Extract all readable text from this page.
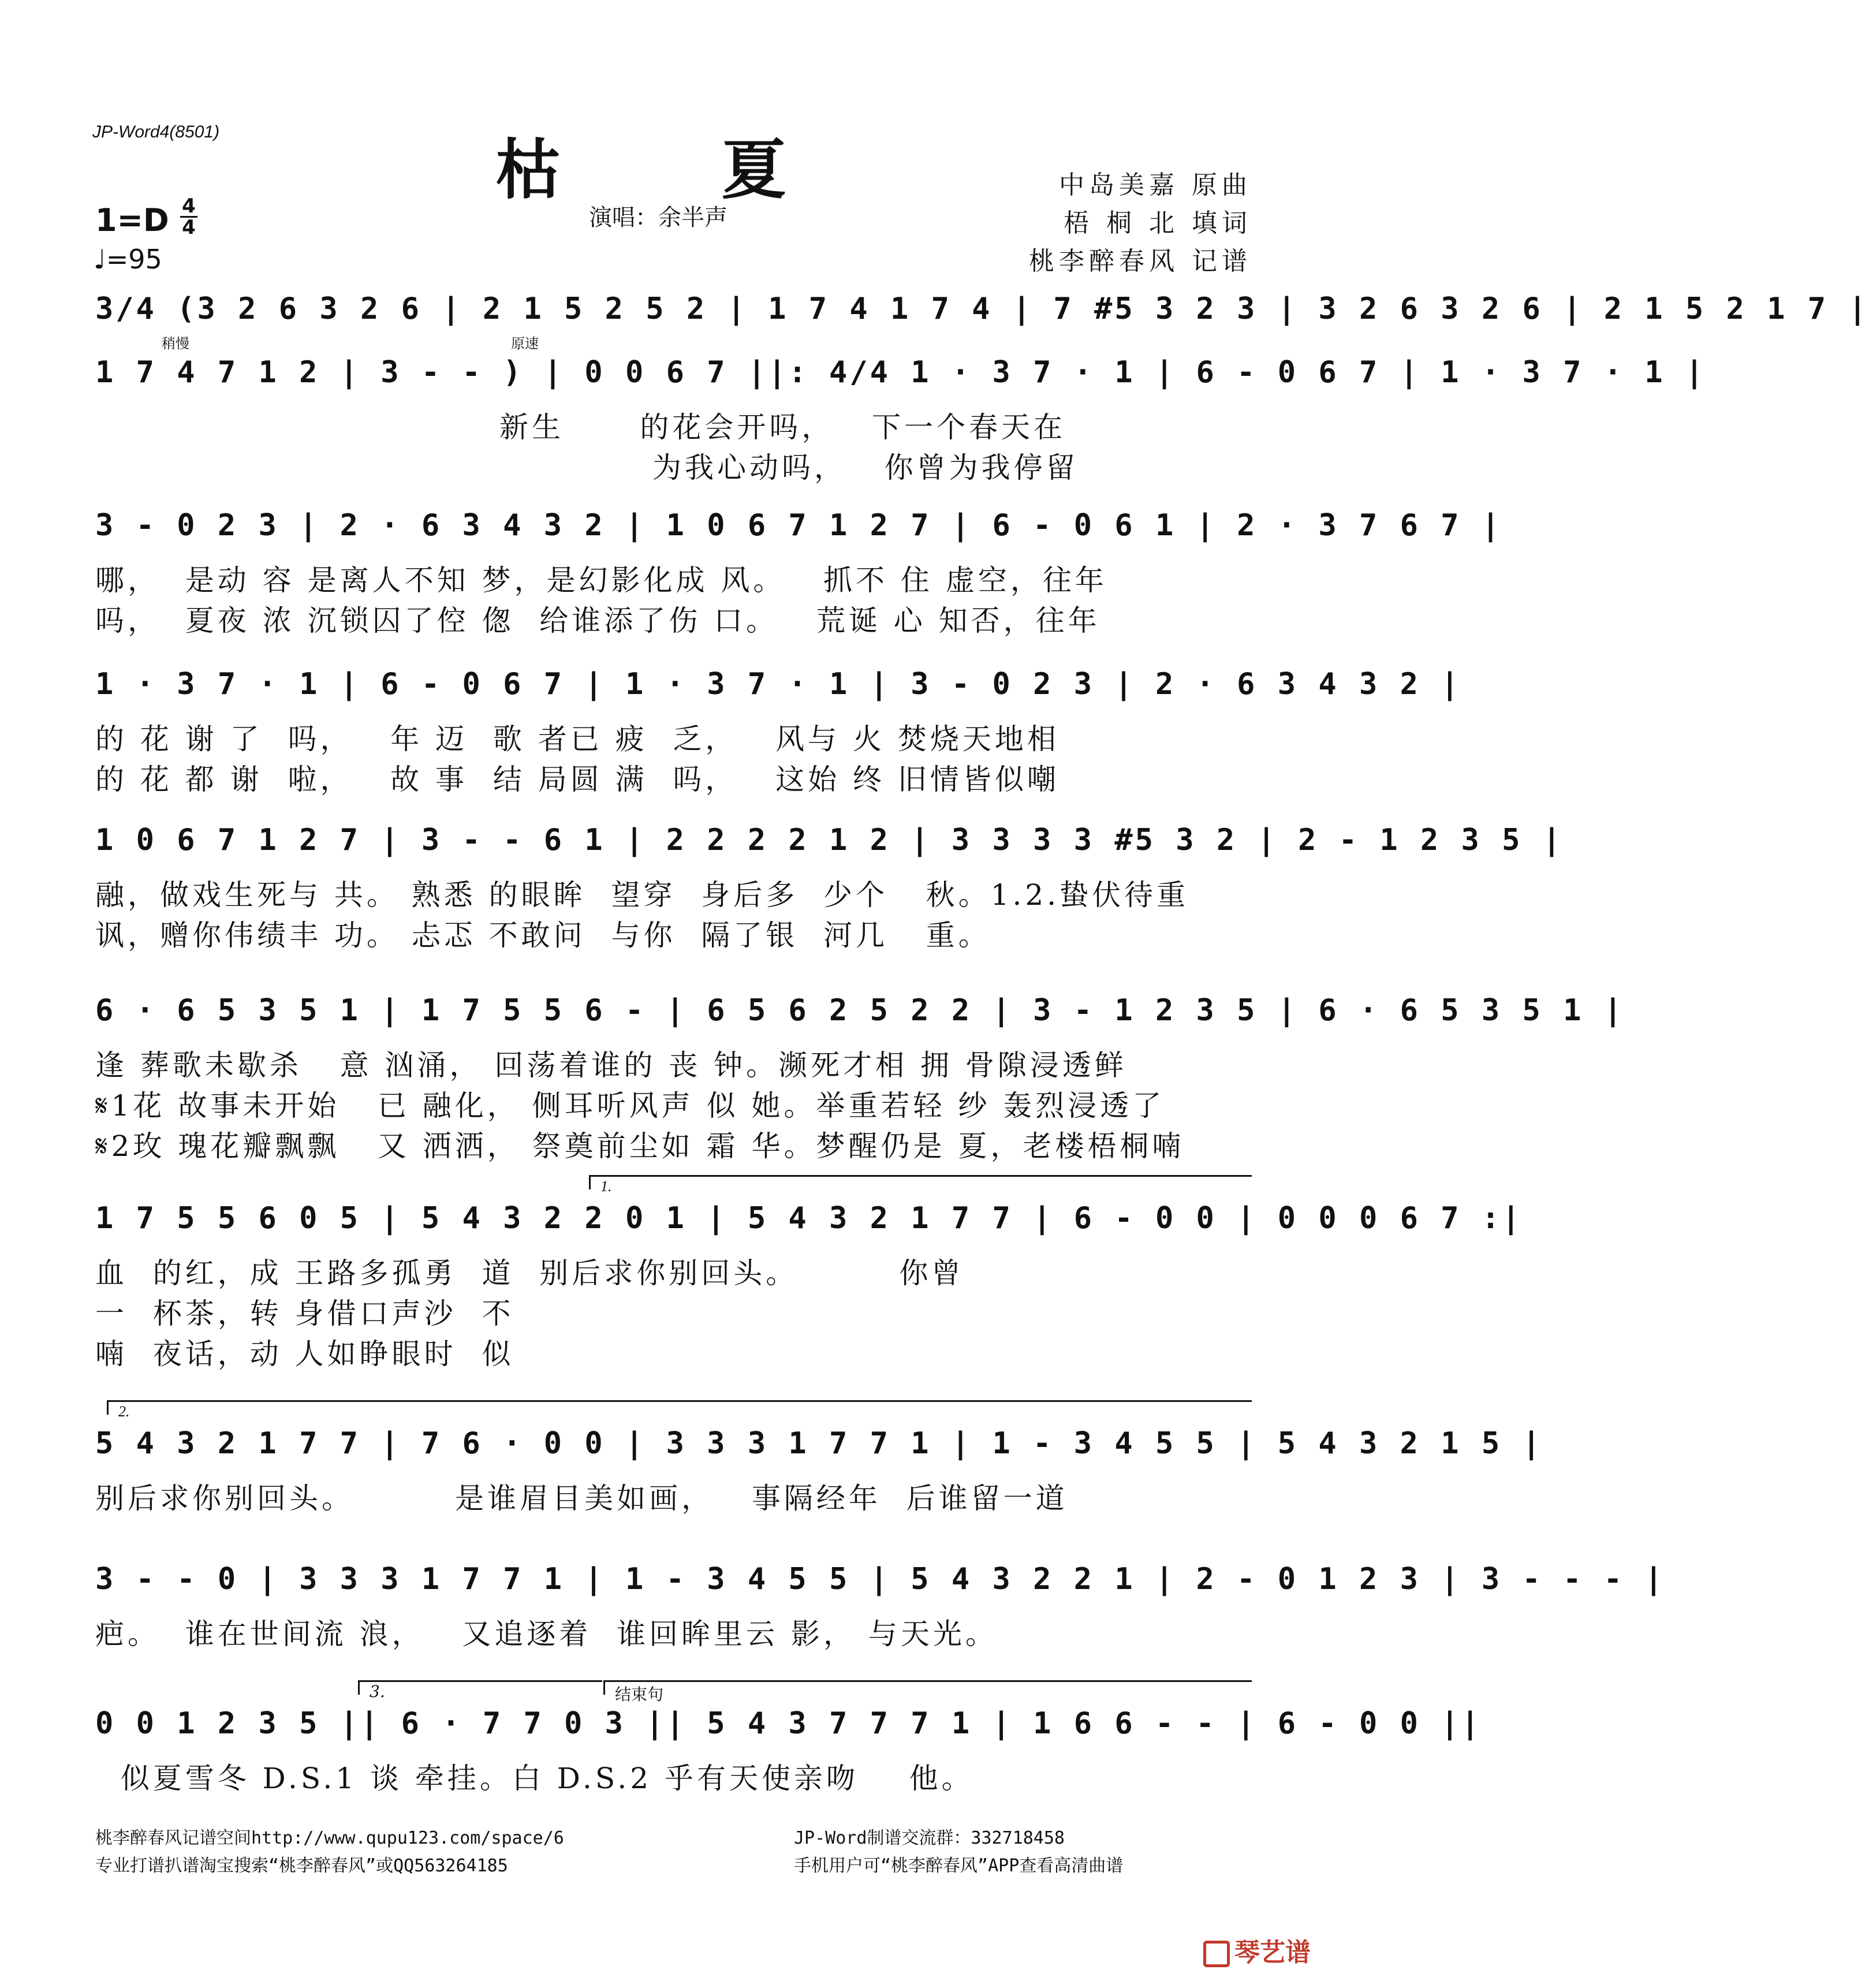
JP-Word4(8501)
枯 夏
演唱：余半声
中岛美嘉 原曲
梧 桐 北 填词
桃李醉春风 记谱
1=D 4
4
♩=95
3/4 (3 2 6 3 2 6 | 2 1 5 2 5 2 | 1 7 4 1 7 4 | 7 #5 3 2 3 | 3 2 6 3 2 6 | 2 1 5 2 1 7 |
稍慢	原速
1 7 4 7 1 2 | 3 - - ) | 0 0 6 7 ||: 4/4 1 · 3 7 · 1 | 6 - 0 6 7 | 1 · 3 7 · 1 |
新生      的花会开吗，   下一个春天在
为我心动吗，   你曾为我停留
3 - 0 2 3 | 2 · 6 3 4 3 2 | 1 0 6 7 1 2 7 | 6 - 0 6 1 | 2 · 3 7 6 7 |
哪，  是动 容 是离人不知 梦，是幻影化成 风。   抓不 住 虚空，往年
吗，  夏夜 浓 沉锁囚了倥 偬  给谁添了伤 口。   荒诞 心 知否，往年
1 · 3 7 · 1 | 6 - 0 6 7 | 1 · 3 7 · 1 | 3 - 0 2 3 | 2 · 6 3 4 3 2 |
的 花 谢 了  吗，   年 迈  歌 者已 疲  乏，   风与 火 焚烧天地相
的 花 都 谢  啦，   故 事  结 局圆 满  吗，   这始 终 旧情皆似嘲
1 0 6 7 1 2 7 | 3 - - 6 1 | 2 2 2 2 1 2 | 3 3 3 3 #5 3 2 | 2 - 1 2 3 5 |
融，做戏生死与 共。 熟悉 的眼眸  望穿  身后多  少个   秋。1.2.蛰伏待重
讽，赠你伟绩丰 功。 忐忑 不敢问  与你  隔了银  河几   重。
6 · 6 5 3 5 1 | 1 7 5 5 6 - | 6 5 6 2 5 2 2 | 3 - 1 2 3 5 | 6 · 6 5 3 5 1 |
逢 葬歌未歇杀   意 汹涌， 回荡着谁的 丧 钟。濒死才相 拥 骨隙浸透鲜
𝄋1花 故事未开始   已 融化， 侧耳听风声 似 她。举重若轻 纱 轰烈浸透了
𝄋2玫 瑰花瓣飘飘   又 洒洒， 祭奠前尘如 霜 华。梦醒仍是 夏，老楼梧桐喃
1.
1 7 5 5 6 0 5 | 5 4 3 2 2 0 1 | 5 4 3 2 1 7 7 | 6 - 0 0 | 0 0 0 6 7 :|
血  的红，成 王路多孤勇  道  别后求你别回头。        你曾
一  杯茶，转 身借口声沙  不
喃  夜话，动 人如睁眼时  似
2.
5 4 3 2 1 7 7 | 7 6 · 0 0 | 3 3 3 1 7 7 1 | 1 - 3 4 5 5 | 5 4 3 2 1 5 |
别后求你别回头。        是谁眉目美如画，   事隔经年  后谁留一道
3 - - 0 | 3 3 3 1 7 7 1 | 1 - 3 4 5 5 | 5 4 3 2 2 1 | 2 - 0 1 2 3 | 3 - - - |
疤。  谁在世间流 浪，   又追逐着  谁回眸里云 影， 与天光。
3.	结束句
0 0 1 2 3 5 || 6 · 7 7 0 3 || 5 4 3 7 7 7 1 | 1 6 6 - - | 6 - 0 0 ||
似夏雪冬 D.S.1 谈 牵挂。白 D.S.2 乎有天使亲吻    他。
桃李醉春风记谱空间http://www.qupu123.com/space/6
专业打谱扒谱淘宝搜索“桃李醉春风”或QQ563264185
JP-Word制谱交流群：332718458
手机用户可“桃李醉春风”APP查看高清曲谱
琴艺谱
